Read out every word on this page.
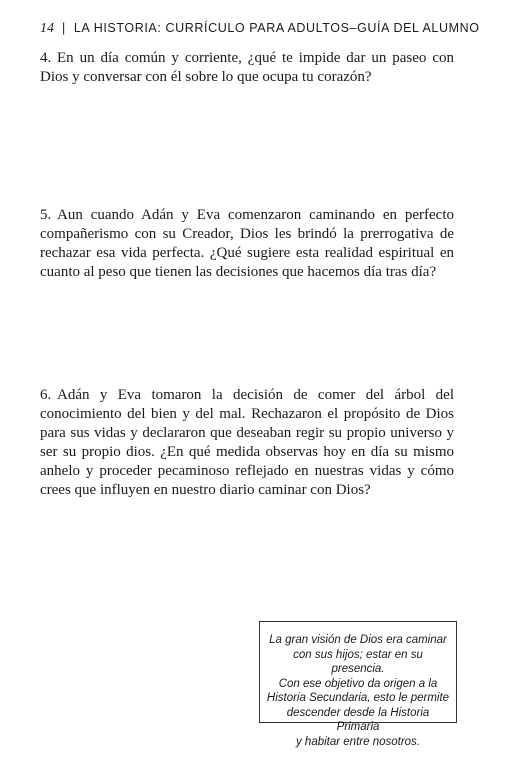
14 | LA HISTORIA: CURRÍCULO PARA ADULTOS–GUÍA DEL ALUMNO
4. En un día común y corriente, ¿qué te impide dar un paseo con Dios y conversar con él sobre lo que ocupa tu corazón?
5. Aun cuando Adán y Eva comenzaron caminando en perfecto compañerismo con su Creador, Dios les brindó la prerrogativa de rechazar esa vida perfecta. ¿Qué sugiere esta realidad espiritual en cuanto al peso que tienen las decisiones que hacemos día tras día?
6. Adán y Eva tomaron la decisión de comer del árbol del conocimiento del bien y del mal. Rechazaron el propósito de Dios para sus vidas y declararon que deseaban regir su propio universo y ser su propio dios. ¿En qué medida observas hoy en día su mismo anhelo y proceder pecaminoso reflejado en nuestras vidas y cómo crees que influyen en nuestro diario caminar con Dios?
La gran visión de Dios era caminar
con sus hijos; estar en su presencia.
Con ese objetivo da origen a la
Historia Secundaria, esto le permite
descender desde la Historia Primaria
y habitar entre nosotros.
